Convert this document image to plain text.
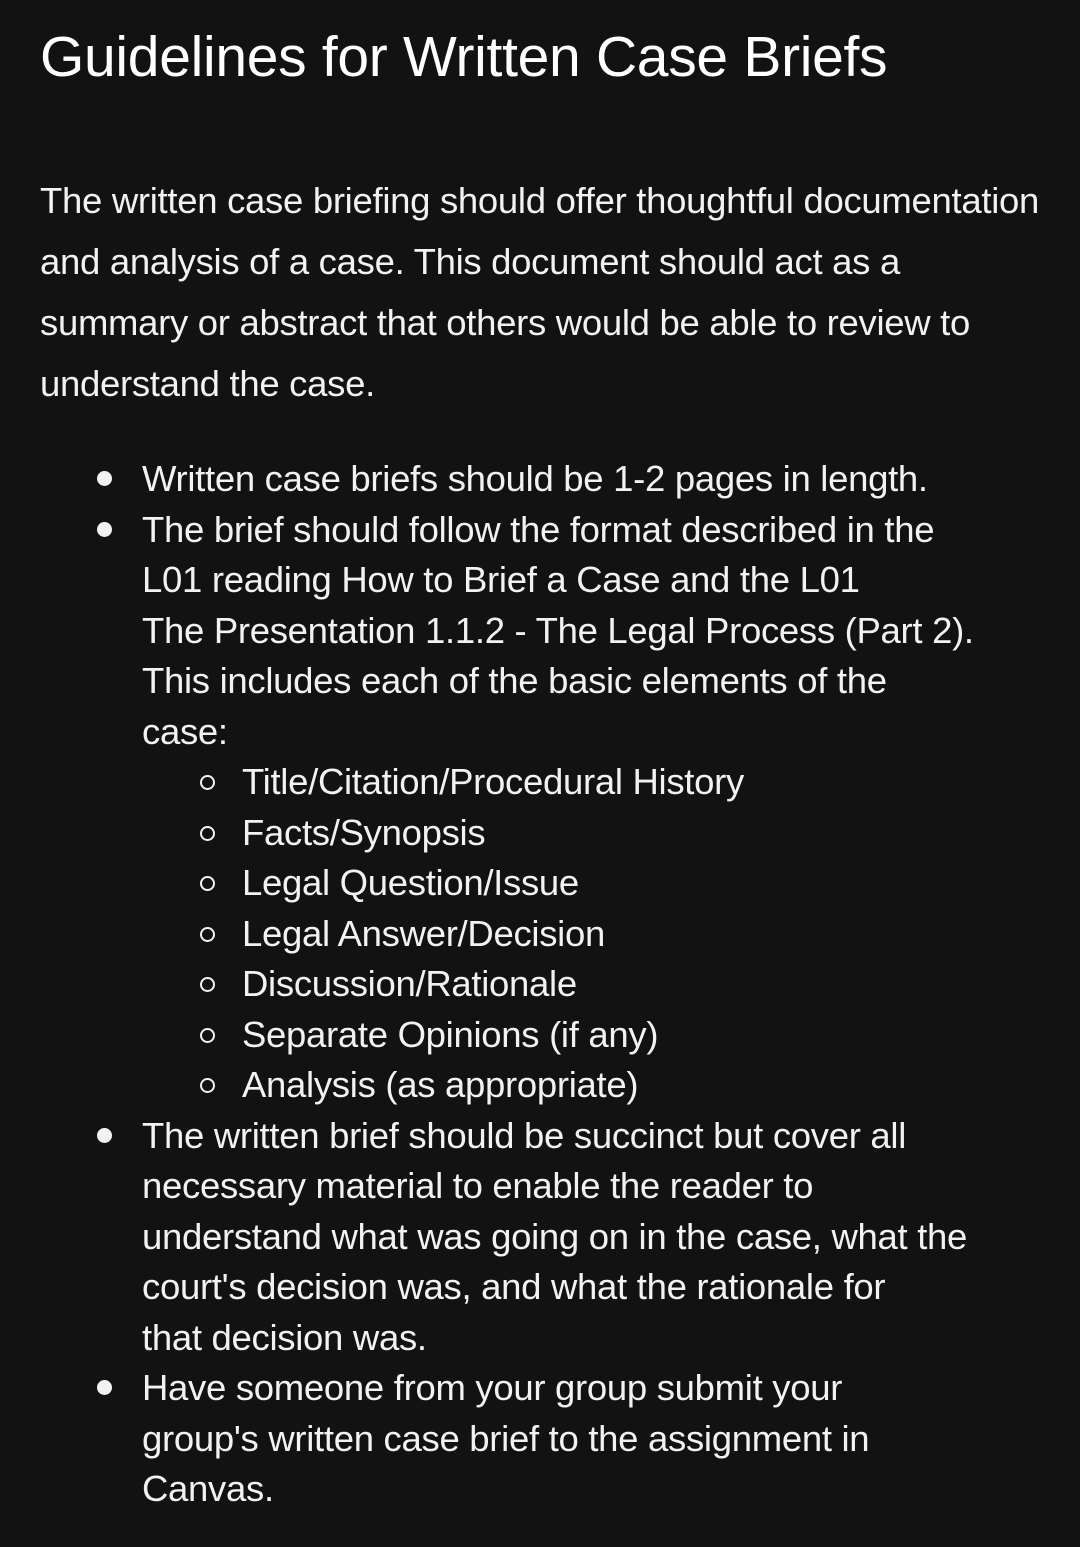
Guidelines for Written Case Briefs

The written case briefing should offer thoughtful documentation and analysis of a case. This document should act as a summary or abstract that others would be able to review to understand the case.

Written case briefs should be 1-2 pages in length.
The brief should follow the format described in the
L01 reading How to Brief a Case and the L01
The Presentation 1.1.2 - The Legal Process (Part 2).
This includes each of the basic elements of the
case:
Title/Citation/Procedural History
Facts/Synopsis
Legal Question/Issue
Legal Answer/Decision
Discussion/Rationale
Separate Opinions (if any)
Analysis (as appropriate)
The written brief should be succinct but cover all
necessary material to enable the reader to
understand what was going on in the case, what the
court's decision was, and what the rationale for
that decision was.
Have someone from your group submit your
group's written case brief to the assignment in
Canvas.
